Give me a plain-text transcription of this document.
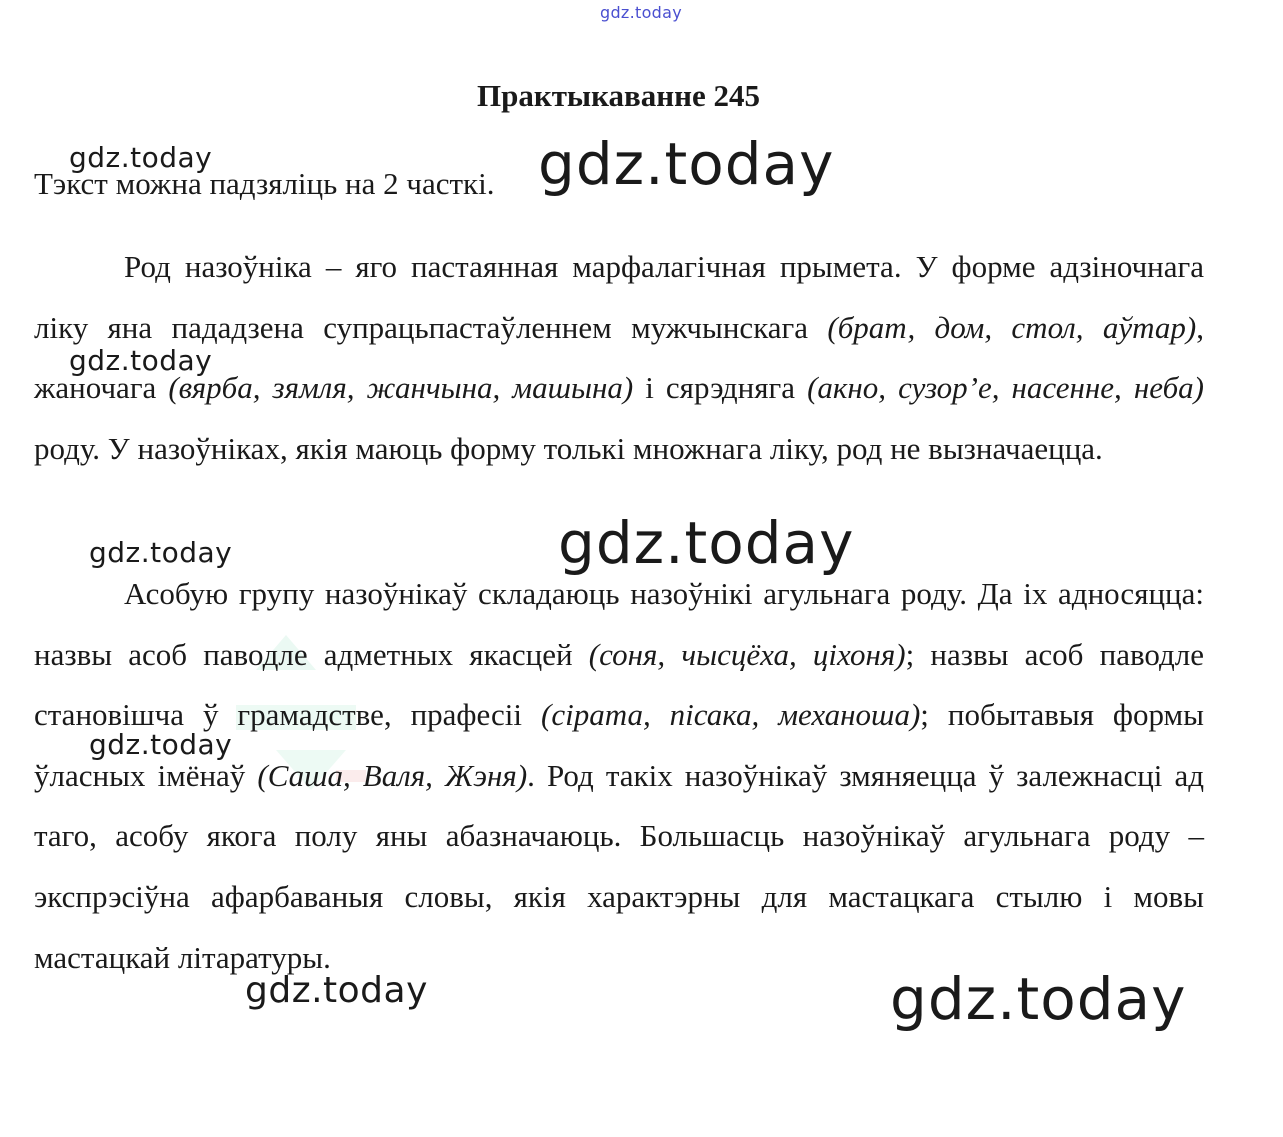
Практыкаванне 245

Тэкст можна падзяліць на 2 часткі.

Род назоўніка – яго пастаянная марфалагічная прымета. У форме адзіночнага ліку яна пададзена супрацьпастаўленнем мужчынскага (брат, дом, стол, аўтар), жаночага (вярба, зямля, жанчына, машына) і сярэдняга (акно, сузор’е, насенне, неба) роду. У назоўніках, якія маюць форму толькі множнага ліку, род не вызначаецца.

Асобую групу назоўнікаў складаюць назоўнікі агульнага роду. Да іх адносяцца: назвы асоб паводле адметных якасцей (соня, чысцёха, ціхоня); назвы асоб паводле становішча ў грамадстве, прафесіі (сірата, пісака, механоша); побытавыя формы ўласных імёнаў (Саша, Валя, Жэня). Род такіх назоўнікаў змяняецца ў залежнасці ад таго, асобу якога полу яны абазначаюць. Большасць назоўнікаў агульнага роду – экспрэсіўна афарбаваныя словы, якія характэрны для мастацкага стылю і мовы мастацкай літаратуры.

gdz.today
gdz.today	gdz.today
gdz.today
gdz.today	gdz.today
gdz.today
gdz.today	gdz.today
